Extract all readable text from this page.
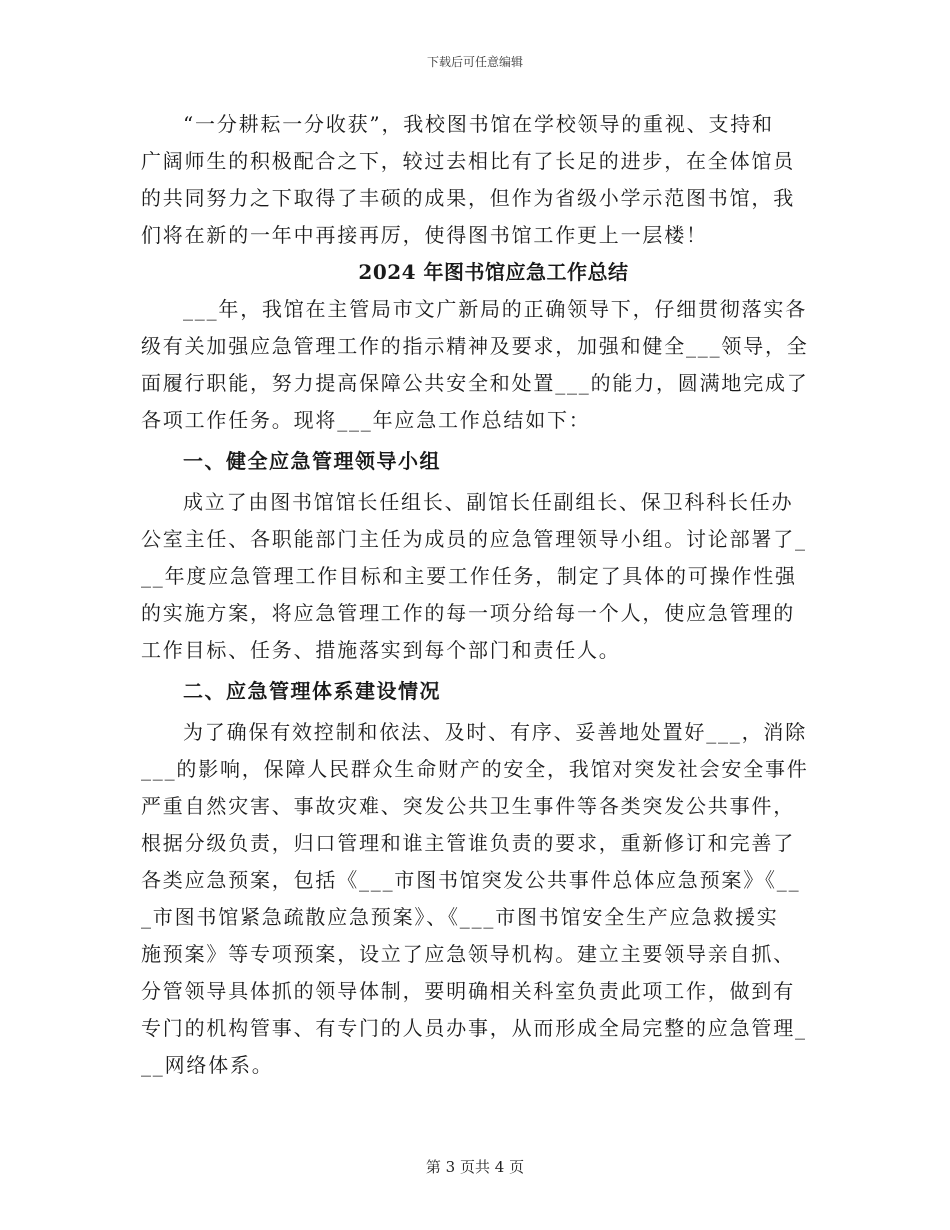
下载后可任意编辑
“一分耕耘一分收获”，我校图书馆在学校领导的重视、支持和
广阔师生的积极配合之下，较过去相比有了长足的进步，在全体馆员
的共同努力之下取得了丰硕的成果，但作为省级小学示范图书馆，我
们将在新的一年中再接再厉，使得图书馆工作更上一层楼！
2024 年图书馆应急工作总结
___年，我馆在主管局市文广新局的正确领导下，仔细贯彻落实各
级有关加强应急管理工作的指示精神及要求，加强和健全___领导，全
面履行职能，努力提高保障公共安全和处置___的能力，圆满地完成了
各项工作任务。现将___年应急工作总结如下：
一、健全应急管理领导小组
成立了由图书馆馆长任组长、副馆长任副组长、保卫科科长任办
公室主任、各职能部门主任为成员的应急管理领导小组。讨论部署了_
__年度应急管理工作目标和主要工作任务，制定了具体的可操作性强
的实施方案，将应急管理工作的每一项分给每一个人，使应急管理的
工作目标、任务、措施落实到每个部门和责任人。
二、应急管理体系建设情况
为了确保有效控制和依法、及时、有序、妥善地处置好___，消除
___的影响，保障人民群众生命财产的安全，我馆对突发社会安全事件
严重自然灾害、事故灾难、突发公共卫生事件等各类突发公共事件，
根据分级负责，归口管理和谁主管谁负责的要求，重新修订和完善了
各类应急预案，包括《___市图书馆突发公共事件总体应急预案》《__
_市图书馆紧急疏散应急预案》、《___市图书馆安全生产应急救援实
施预案》等专项预案，设立了应急领导机构。建立主要领导亲自抓、
分管领导具体抓的领导体制，要明确相关科室负责此项工作，做到有
专门的机构管事、有专门的人员办事，从而形成全局完整的应急管理_
__网络体系。
第 3 页共 4 页
